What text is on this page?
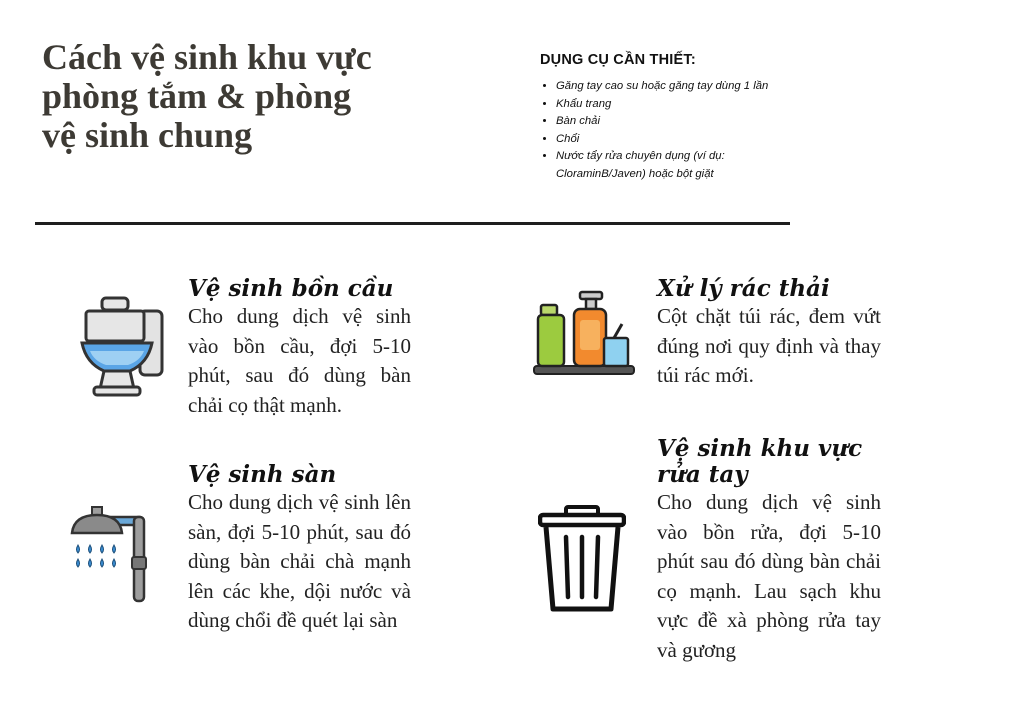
Cách vệ sinh khu vực
phòng tắm & phòng
vệ sinh chung
DỤNG CỤ CẦN THIẾT:
• Găng tay cao su hoặc găng tay dùng 1 lần
• Khẩu trang
• Bàn chải
• Chổi
• Nước tẩy rửa chuyên dụng (ví dụ: CloraminB/Javen) hoặc bột giặt
Vệ sinh bồn cầu

Cho dung dịch vệ sinh vào bồn cầu, đợi 5-10 phút, sau đó dùng bàn chải cọ thật mạnh.

Xử lý rác thải

Cột chặt túi rác, đem vứt đúng nơi quy định và thay túi rác mới.

Vệ sinh sàn

Cho dung dịch vệ sinh lên sàn, đợi 5-10 phút, sau đó dùng bàn chải chà mạnh lên các khe, dội nước và dùng chổi đề quét lại sàn

Vệ sinh khu vực rửa tay

Cho dung dịch vệ sinh vào bồn rửa, đợi 5-10 phút sau đó dùng bàn chải cọ mạnh. Lau sạch khu vực đề xà phòng rửa tay và gương
